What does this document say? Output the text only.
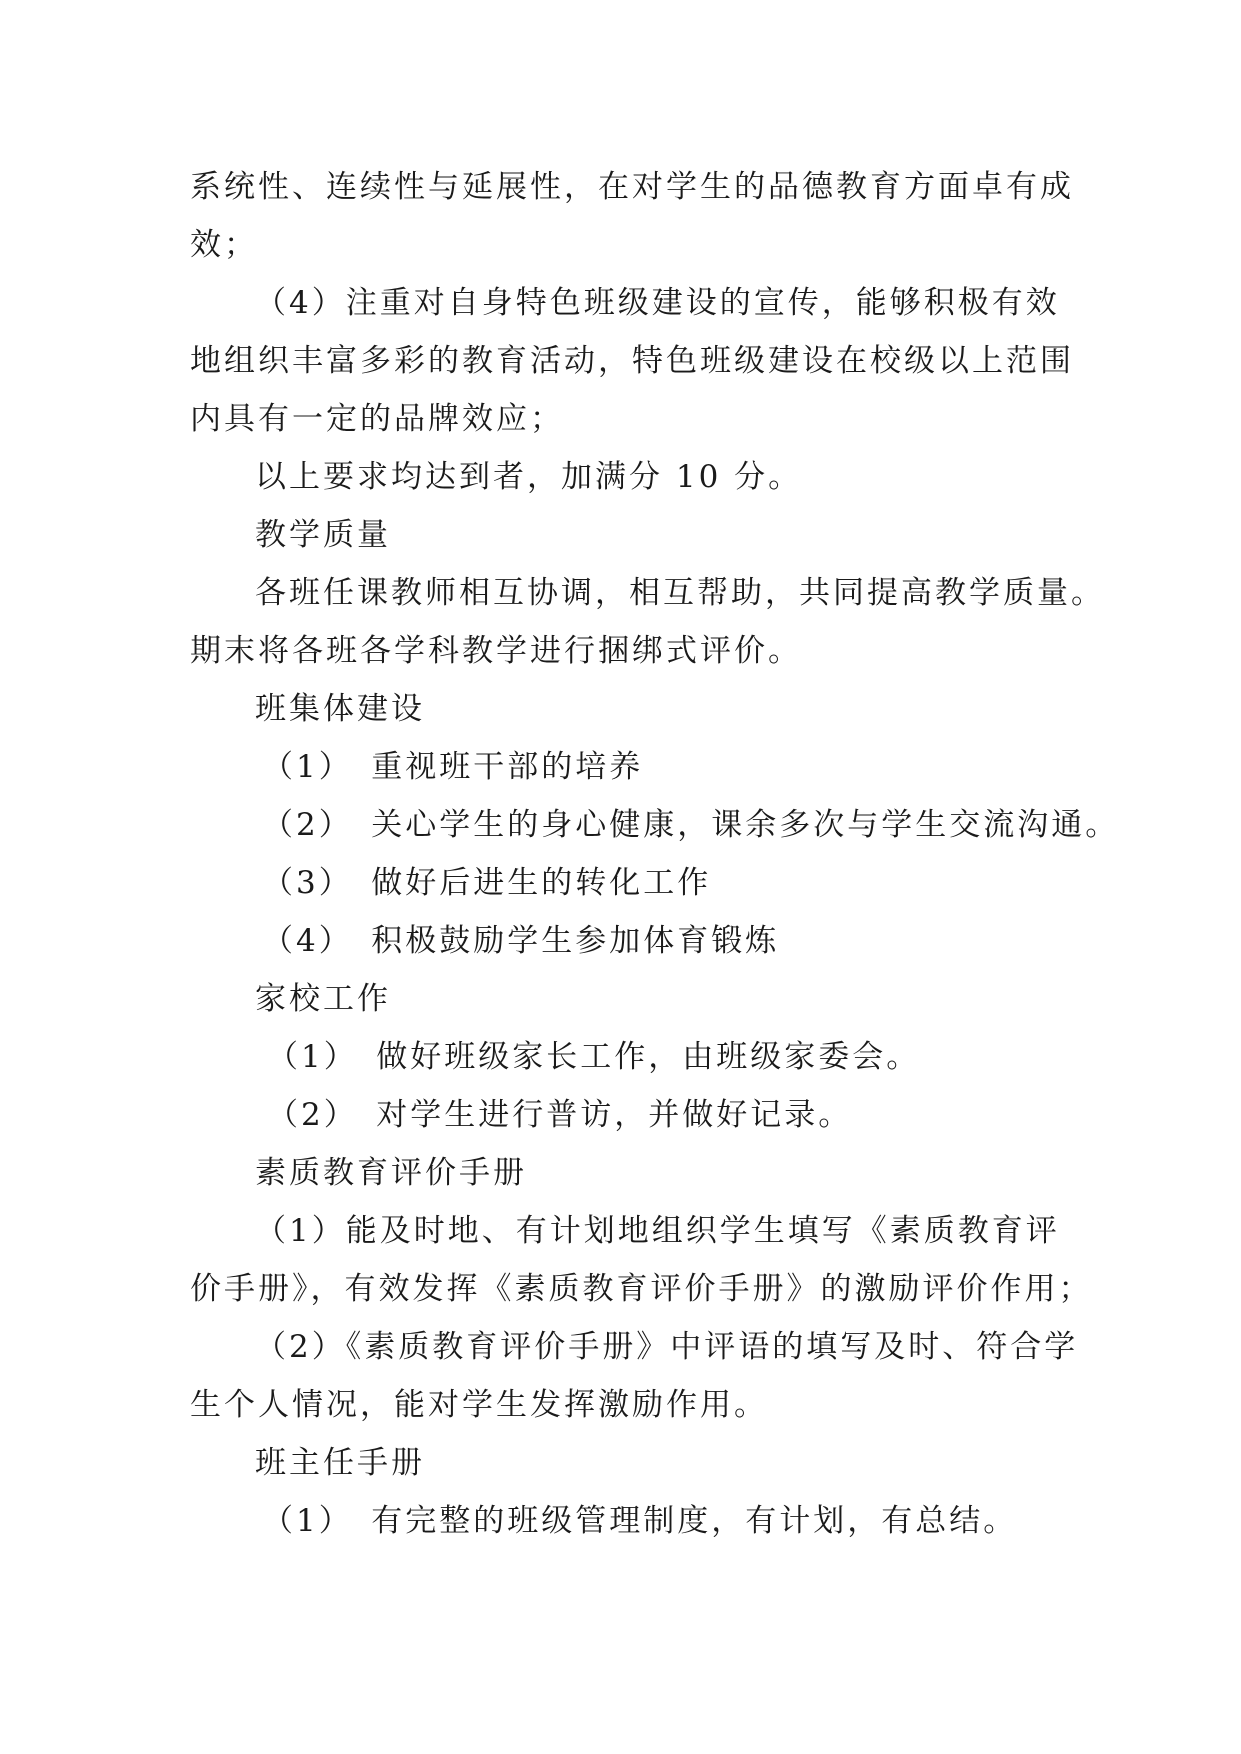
系统性、连续性与延展性，在对学生的品德教育方面卓有成
效；
（4）注重对自身特色班级建设的宣传，能够积极有效
地组织丰富多彩的教育活动，特色班级建设在校级以上范围
内具有一定的品牌效应；
以上要求均达到者，加满分 10 分。
教学质量
各班任课教师相互协调，相互帮助，共同提高教学质量。
期末将各班各学科教学进行捆绑式评价。
班集体建设
（1）　重视班干部的培养
（2）　关心学生的身心健康，课余多次与学生交流沟通。
（3）　做好后进生的转化工作
（4）　积极鼓励学生参加体育锻炼
家校工作
（1）　做好班级家长工作，由班级家委会。
（2）　对学生进行普访，并做好记录。
素质教育评价手册
（1）能及时地、有计划地组织学生填写《素质教育评
价手册》，有效发挥《素质教育评价手册》的激励评价作用；
（2）《素质教育评价手册》中评语的填写及时、符合学
生个人情况，能对学生发挥激励作用。
班主任手册
（1）　有完整的班级管理制度，有计划，有总结。
